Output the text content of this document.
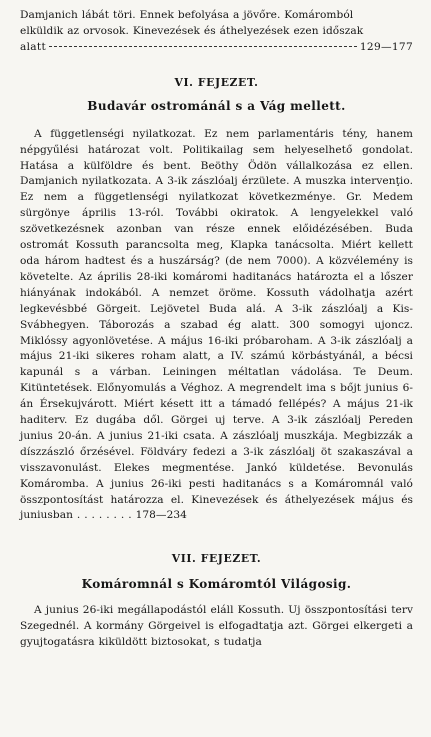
Damjanich lábát töri. Ennek befolyása a jövőre. Komáromból

elküldik az orvosok. Kinevezések és áthelyezések ezen időszak

alatt	129—177
VI. FEJEZET.
Budavár ostrománál s a Vág mellett.

A függetlenségi nyilatkozat. Ez nem parlamentáris tény, hanem népgyűlési határozat volt. Politikailag sem helyeselhető gondolat. Hatása a külföldre és bent. Beöthy Ödön vállalkozása ez ellen. Damjanich nyilatkozata. A 3-ik zászlóalj érzülete. A muszka intervenţio. Ez nem a függetlenségi nyilatkozat következménye. Gr. Medem sürgönye április 13-ról. További okiratok. A lengyelekkel való szövetkezésnek azonban van része ennek előidézésében. Buda ostromát Kossuth parancsolta meg, Klapka tanácsolta. Miért kellett oda három hadtest és a huszárság? (de nem 7000). A közvélemény is követelte. Az április 28-iki komáromi haditanács határozta el a lőszer hiányának indokából. A nemzet öröme. Kossuth vádolhatja azért legkevésbbé Görgeit. Lejövetel Buda alá. A 3-ik zászlóalj a Kis-Svábhegyen. Táborozás a szabad ég alatt. 300 somogyi ujoncz. Miklóssy agyonlövetése. A május 16-iki próbaroham. A 3-ik zászlóalj a május 21-iki sikeres roham alatt, a IV. számú körbástyánál, a bécsi kapunál s a várban. Leiningen méltatlan vádolása. Te Deum. Kitüntetések. Előnyomulás a Véghoz. A megrendelt ima s bőjt junius 6-án Érsekujvárott. Miért késett itt a támadó fellépés? A május 21-ik haditerv. Ez dugába dől. Görgei uj terve. A 3-ik zászlóalj Pereden junius 20-án. A junius 21-iki csata. A zászlóalj muszkája. Megbizzák a díszzászló őrzésével. Földváry fedezi a 3-ik zászlóalj öt szakaszával a visszavonulást. Elekes megmentése. Jankó küldetése. Bevonulás Komáromba. A junius 26-iki pesti haditanács s a Komáromnál való összpontosítást határozza el. Kinevezések és áthelyezések május és juniusban . . . . . . . . 178—234

VII. FEJEZET.
Komáromnál s Komáromtól Világosig.

A junius 26-iki megállapodástól eláll Kossuth. Uj összpontosítási terv Szegednél. A kormány Görgeivel is elfogadtatja azt. Görgei elkergeti a gyujtogatásra kiküldött biztosokat, s tudatja
